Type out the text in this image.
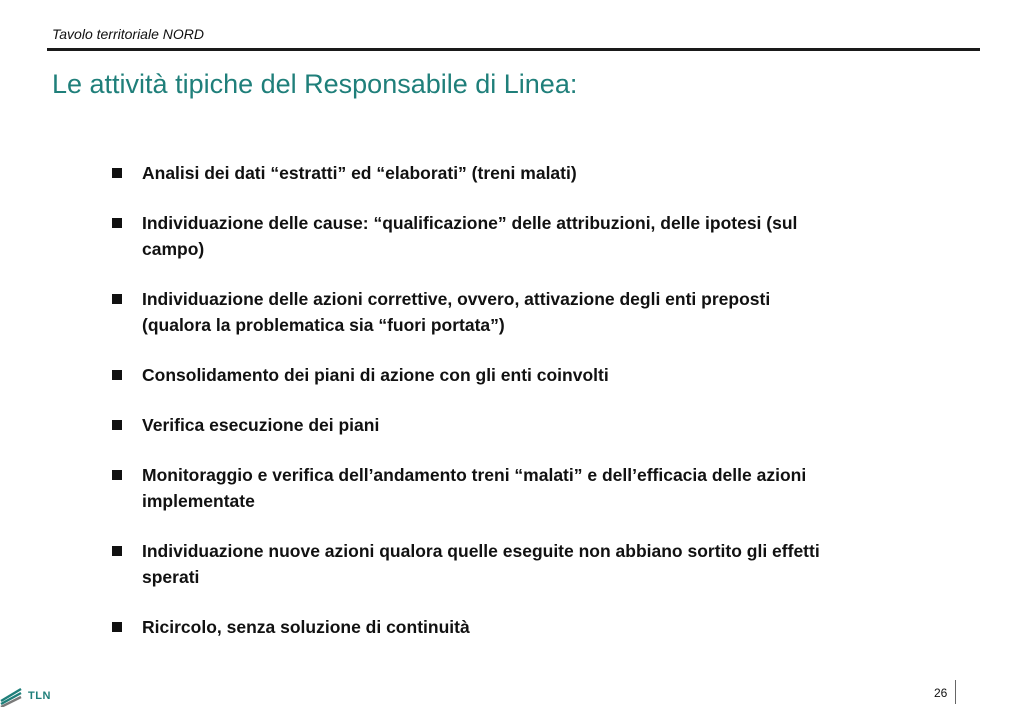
Tavolo territoriale NORD
Le attività tipiche del Responsabile di Linea:
Analisi dei dati “estratti” ed “elaborati” (treni malati)
Individuazione delle cause: “qualificazione” delle attribuzioni, delle ipotesi (sul campo)
Individuazione delle azioni correttive, ovvero, attivazione degli enti preposti (qualora la problematica sia “fuori portata”)
Consolidamento dei piani di azione con gli enti coinvolti
Verifica esecuzione dei piani
Monitoraggio e verifica dell’andamento treni “malati” e dell’efficacia delle azioni implementate
Individuazione nuove azioni qualora quelle eseguite non abbiano sortito gli effetti sperati
Ricircolo, senza soluzione di continuità
TLN	26
